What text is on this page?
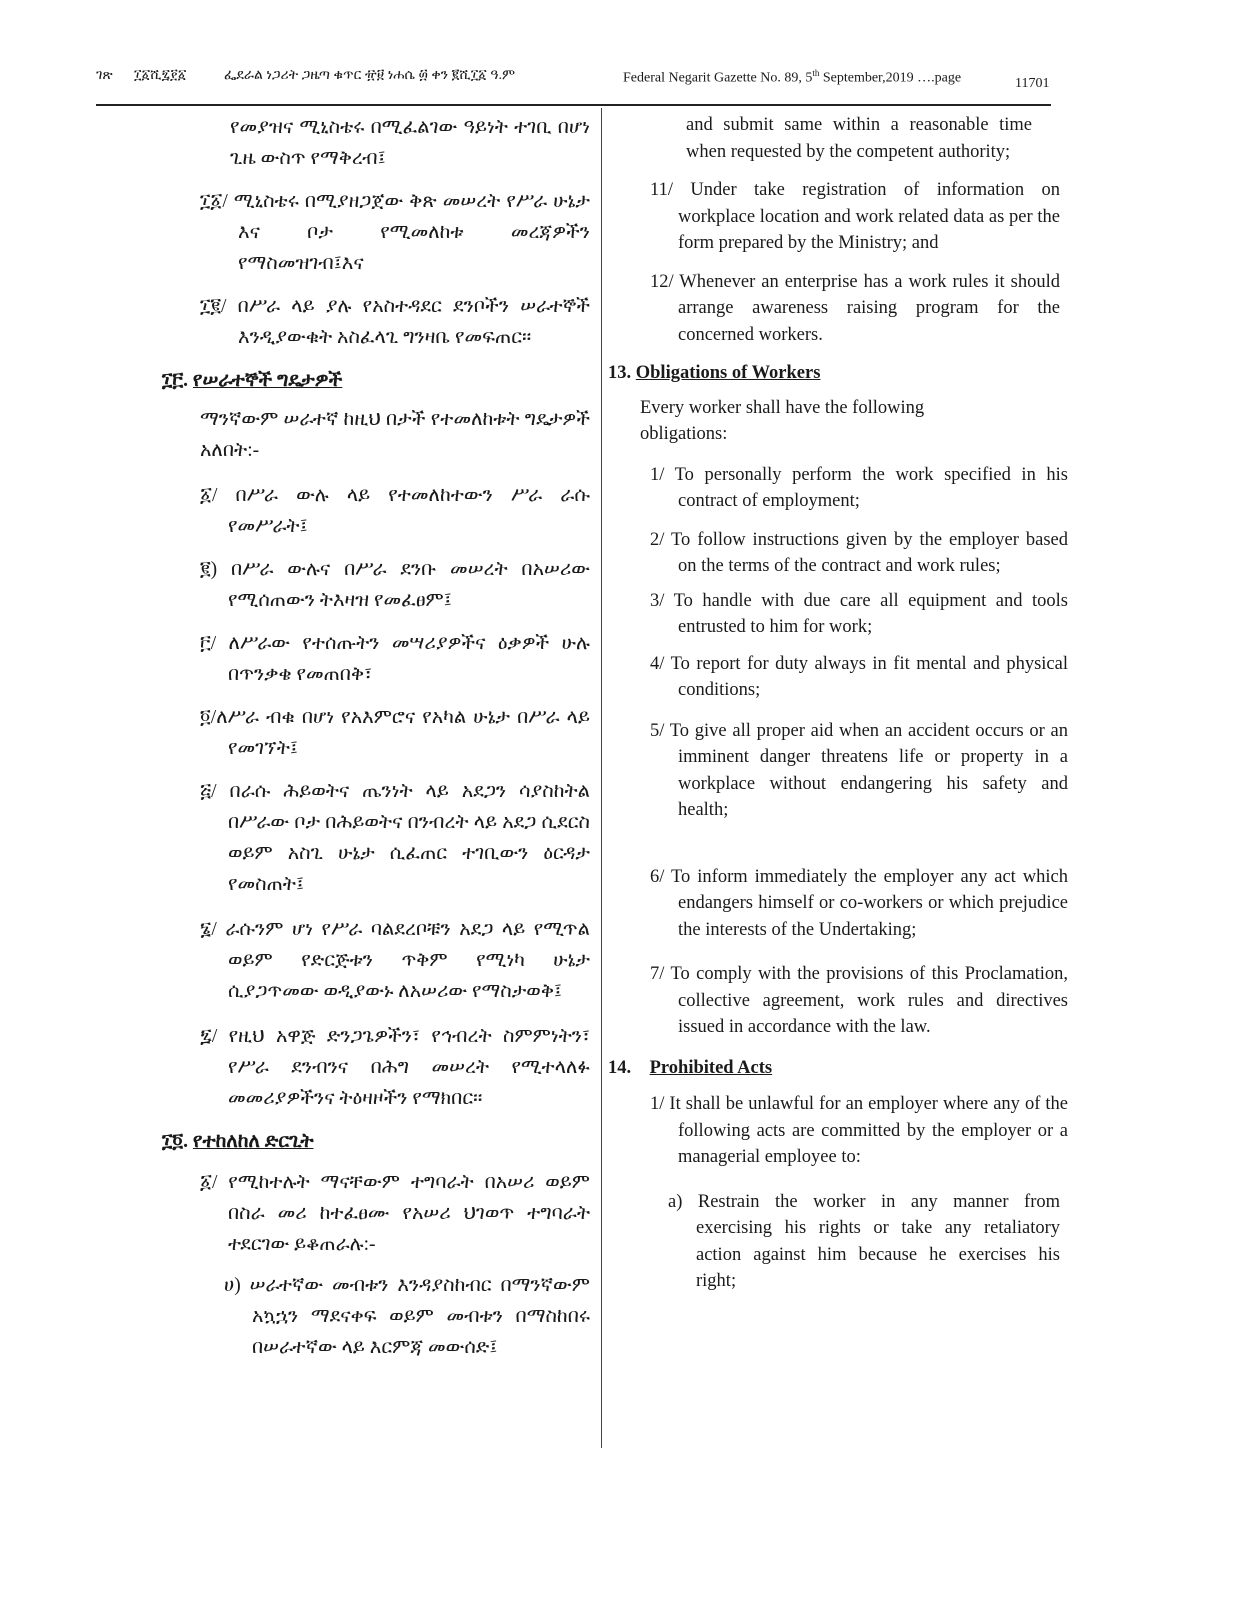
ገጽ ፲፩ሺ፯፻፩	ፌደራል ነጋሪት ጋዜጣ ቁጥር ፹፱ ነሐሴ ፴ ቀን ፪ሺ፲፩ ዓ.ም	Federal Negarit Gazette No. 89, 5th September,2019 ….page	11701

የመያዝና ሚኒስቴሩ በሚፈልገው ዓይነት ተገቢ በሆነ ጊዜ ውስጥ የማቅረብ፤

፲፩/ ሚኒስቴሩ በሚያዘጋጀው ቅጽ መሠረት የሥራ ሁኔታ እና ቦታ የሚመለከቱ መረጃዎችን የማስመዝገብ፤እና

፲፪/ በሥራ ላይ ያሉ የአስተዳደር ደንቦችን ሠራተኞች እንዲያውቁት አስፈላጊ ግንዛቤ የመፍጠር፡፡

፲፫. የሠራተኞች ግዴታዎች

ማንኛውም ሠራተኛ ከዚህ በታች የተመለከቱት ግዴታዎች አለበት:-

፩/ በሥራ ውሉ ላይ የተመለከተውን ሥራ ራሱ የመሥራት፤

፪) በሥራ ውሉና በሥራ ደንቡ መሠረት በአሠሪው የሚሰጠውን ትእዛዝ የመፈፀም፤

፫/ ለሥራው የተሰጡትን መሣሪያዎችና ዕቃዎች ሁሉ በጥንቃቄ የመጠበቅ፣

፬/ለሥራ ብቁ በሆነ የአእምሮና የአካል ሁኔታ በሥራ ላይ የመገኘት፤

፭/ በራሱ ሕይወትና ጤንነት ላይ አደጋን ሳያስከትል በሥራው ቦታ በሕይወትና በንብረት ላይ አደጋ ሲደርስ ወይም አስጊ ሁኔታ ሲፈጠር ተገቢውን ዕርዳታ የመስጠት፤

፮/ ራሱንም ሆነ የሥራ ባልደረቦቹን አደጋ ላይ የሚጥል ወይም የድርጅቱን ጥቅም የሚነካ ሁኔታ ሲያጋጥመው ወዲያውኑ ለአሠሪው የማስታወቅ፤

፯/ የዚህ አዋጅ ድንጋጌዎችን፣ የኅብረት ስምምነትን፣ የሥራ ደንብንና በሕግ መሠረት የሚተላለፉ መመሪያዎችንና ትዕዛዞችን የማክበር፡፡

፲፬. የተከለከለ ድርጊት

፩/ የሚከተሉት ማናቸውም ተግባራት በአሠሪ ወይም በስራ መሪ ከተፈፀሙ የአሠሪ ህገወጥ ተግባራት ተደርገው ይቆጠራሉ:-

ሀ) ሠራተኛው መብቱን እንዳያስከብር በማንኛውም አኳኋን ማደናቀፍ ወይም መብቱን በማስከበሩ በሠራተኛው ላይ እርምጃ መውሰድ፤

and submit same within a reasonable time when requested by the competent authority;

11/ Under take registration of information on workplace location and work related data as per the form prepared by the Ministry; and

12/ Whenever an enterprise has a work rules it should arrange awareness raising program for the concerned workers.

13. Obligations of Workers

Every worker shall have the following obligations:

1/ To personally perform the work specified in his contract of employment;

2/ To follow instructions given by the employer based on the terms of the contract and work rules;

3/ To handle with due care all equipment and tools entrusted to him for work;

4/ To report for duty always in fit mental and physical conditions;

5/ To give all proper aid when an accident occurs or an imminent danger threatens life or property in a workplace without endangering his safety and health;

6/ To inform immediately the employer any act which endangers himself or co-workers or which prejudice the interests of the Undertaking;

7/ To comply with the provisions of this Proclamation, collective agreement, work rules and directives issued in accordance with the law.

14. Prohibited Acts

1/ It shall be unlawful for an employer where any of the following acts are committed by the employer or a managerial employee to:

a) Restrain the worker in any manner from exercising his rights or take any retaliatory action against him because he exercises his right;
